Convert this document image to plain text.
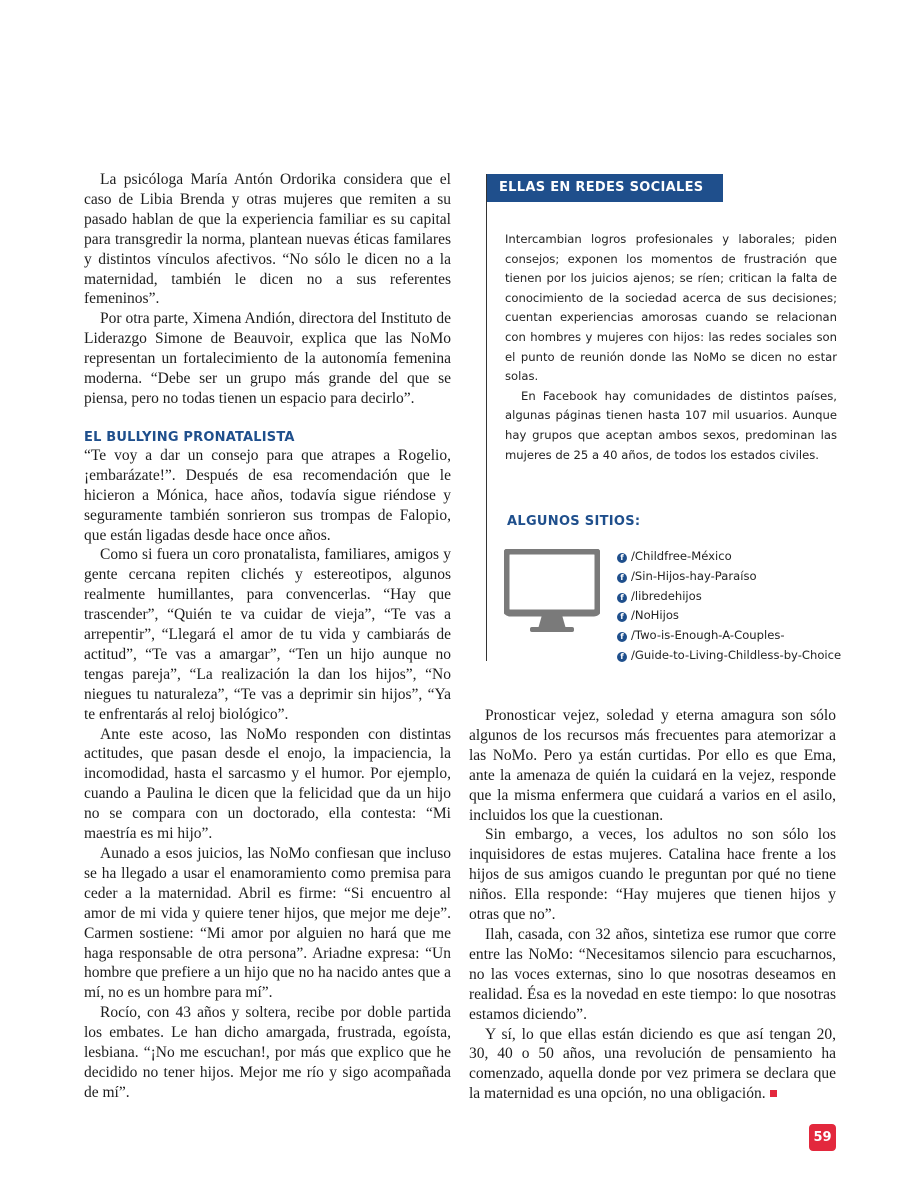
La psicóloga María Antón Ordorika considera que el caso de Libia Brenda y otras mujeres que remiten a su pasado hablan de que la experiencia familiar es su capital para transgredir la norma, plantean nuevas éticas familares y distintos vínculos afectivos. “No sólo le dicen no a la maternidad, también le dicen no a sus referentes femeninos”.

Por otra parte, Ximena Andión, directora del Instituto de Liderazgo Simone de Beauvoir, explica que las NoMo representan un fortalecimiento de la autonomía femenina moderna. “Debe ser un grupo más grande del que se piensa, pero no todas tienen un espacio para decirlo”.

EL BULLYING PRONATALISTA

“Te voy a dar un consejo para que atrapes a Rogelio, ¡embarázate!”. Después de esa recomendación que le hicieron a Mónica, hace años, todavía sigue riéndose y seguramente también sonrieron sus trompas de Falopio, que están ligadas desde hace once años.

Como si fuera un coro pronatalista, familiares, amigos y gente cercana repiten clichés y estereotipos, algunos realmente humillantes, para convencerlas. “Hay que trascender”, “Quién te va cuidar de vieja”, “Te vas a arrepentir”, “Llegará el amor de tu vida y cambiarás de actitud”, “Te vas a amargar”, “Ten un hijo aunque no tengas pareja”, “La realización la dan los hijos”, “No niegues tu naturaleza”, “Te vas a deprimir sin hijos”, “Ya te enfrentarás al reloj biológico”.

Ante este acoso, las NoMo responden con distintas actitudes, que pasan desde el enojo, la impaciencia, la incomodidad, hasta el sarcasmo y el humor. Por ejemplo, cuando a Paulina le dicen que la felicidad que da un hijo no se compara con un doctorado, ella contesta: “Mi maestría es mi hijo”.

Aunado a esos juicios, las NoMo confiesan que incluso se ha llegado a usar el enamoramiento como premisa para ceder a la maternidad. Abril es firme: “Si encuentro al amor de mi vida y quiere tener hijos, que mejor me deje”. Carmen sostiene: “Mi amor por alguien no hará que me haga responsable de otra persona”. Ariadne expresa: “Un hombre que prefiere a un hijo que no ha nacido antes que a mí, no es un hombre para mí”.

Rocío, con 43 años y soltera, recibe por doble partida los embates. Le han dicho amargada, frustrada, egoísta, lesbiana. “¡No me escuchan!, por más que explico que he decidido no tener hijos. Mejor me río y sigo acompañada de mí”.

ELLAS EN REDES SOCIALES

Intercambian logros profesionales y laborales; piden consejos; exponen los momentos de frustración que tienen por los juicios ajenos; se ríen; critican la falta de conocimiento de la sociedad acerca de sus decisiones; cuentan experiencias amorosas cuando se relacionan con hombres y mujeres con hijos: las redes sociales son el punto de reunión donde las NoMo se dicen no estar solas.

En Facebook hay comunidades de distintos países, algunas páginas tienen hasta 107 mil usuarios. Aunque hay grupos que aceptan ambos sexos, predominan las mujeres de 25 a 40 años, de todos los estados civiles.

ALGUNOS SITIOS:
f /Childfree-México
f /Sin-Hijos-hay-Paraíso
f /libredehijos
f /NoHijos
f /Two-is-Enough-A-Couples-
f /Guide-to-Living-Childless-by-Choice

Pronosticar vejez, soledad y eterna amagura son sólo algunos de los recursos más frecuentes para atemorizar a las NoMo. Pero ya están curtidas. Por ello es que Ema, ante la amenaza de quién la cuidará en la vejez, responde que la misma enfermera que cuidará a varios en el asilo, incluidos los que la cuestionan.

Sin embargo, a veces, los adultos no son sólo los inquisidores de estas mujeres. Catalina hace frente a los hijos de sus amigos cuando le preguntan por qué no tiene niños. Ella responde: “Hay mujeres que tienen hijos y otras que no”.

Ilah, casada, con 32 años, sintetiza ese rumor que corre entre las NoMo: “Necesitamos silencio para escucharnos, no las voces externas, sino lo que nosotras deseamos en realidad. Ésa es la novedad en este tiempo: lo que nosotras estamos diciendo”.

Y sí, lo que ellas están diciendo es que así tengan 20, 30, 40 o 50 años, una revolución de pensamiento ha comenzado, aquella donde por vez primera se declara que la maternidad es una opción, no una obligación.

59
